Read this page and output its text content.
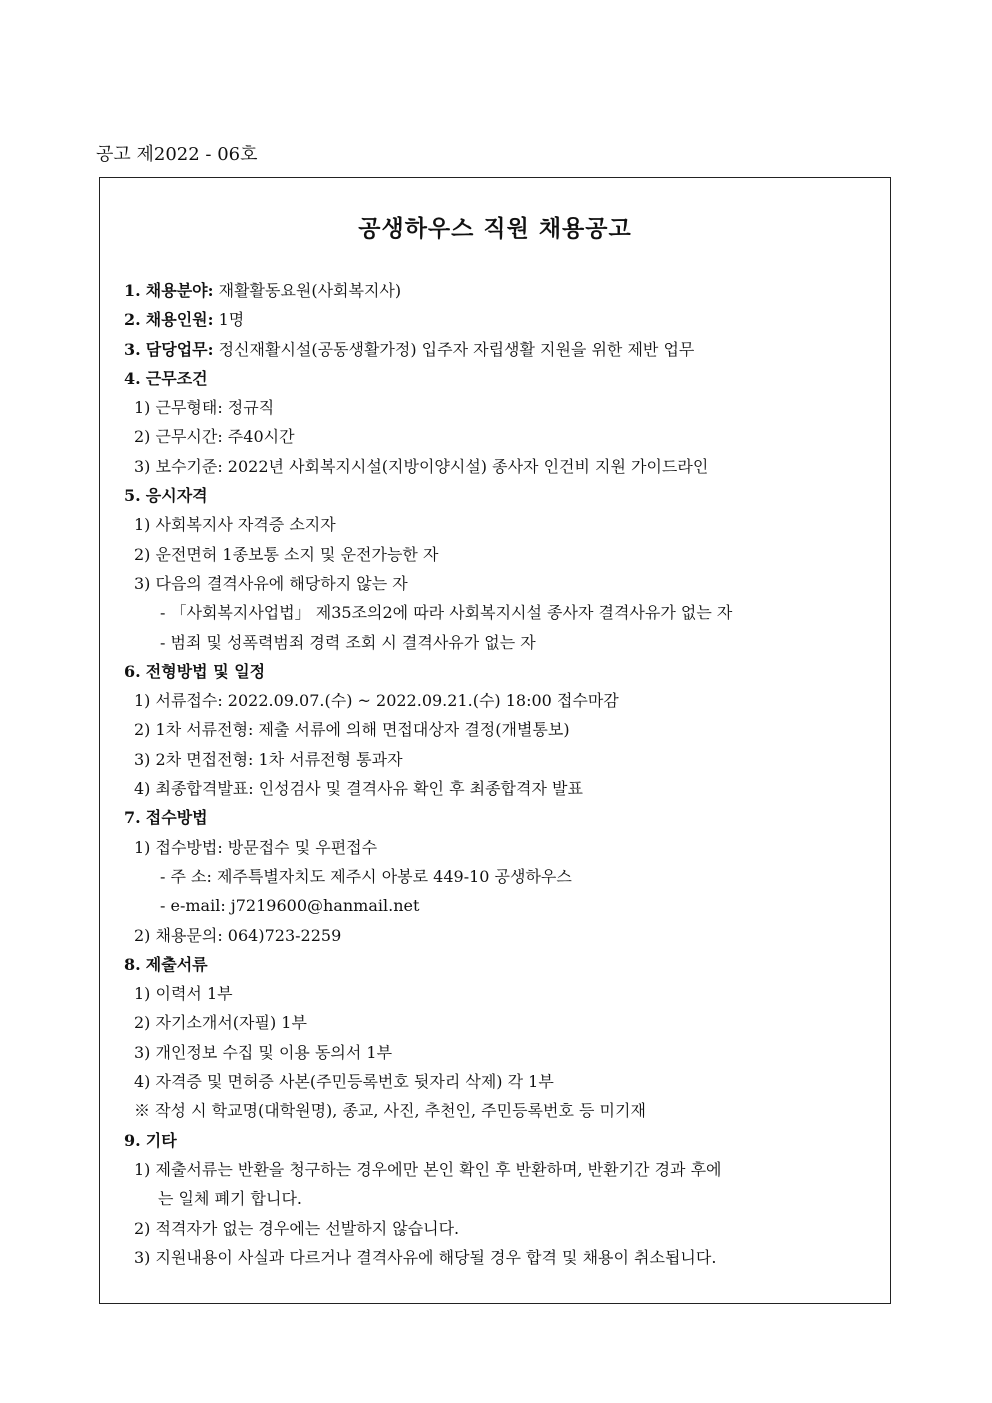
공고 제2022 - 06호
공생하우스 직원 채용공고
1. 채용분야: 재활활동요원(사회복지사)
2. 채용인원: 1명
3. 담당업무: 정신재활시설(공동생활가정) 입주자 자립생활 지원을 위한 제반 업무
4. 근무조건
1) 근무형태: 정규직
2) 근무시간: 주40시간
3) 보수기준: 2022년 사회복지시설(지방이양시설) 종사자 인건비 지원 가이드라인
5. 응시자격
1) 사회복지사 자격증 소지자
2) 운전면허 1종보통 소지 및 운전가능한 자
3) 다음의 결격사유에 해당하지 않는 자
- 「사회복지사업법」 제35조의2에 따라 사회복지시설 종사자 결격사유가 없는 자
- 범죄 및 성폭력범죄 경력 조회 시 결격사유가 없는 자
6. 전형방법 및 일정
1) 서류접수: 2022.09.07.(수) ~ 2022.09.21.(수) 18:00 접수마감
2) 1차 서류전형: 제출 서류에 의해 면접대상자 결정(개별통보)
3) 2차 면접전형: 1차 서류전형 통과자
4) 최종합격발표: 인성검사 및 결격사유 확인 후 최종합격자 발표
7. 접수방법
1) 접수방법: 방문접수 및 우편접수
- 주 소: 제주특별자치도 제주시 아봉로 449-10 공생하우스
- e-mail: j7219600@hanmail.net
2) 채용문의: 064)723-2259
8. 제출서류
1) 이력서 1부
2) 자기소개서(자필) 1부
3) 개인정보 수집 및 이용 동의서 1부
4) 자격증 및 면허증 사본(주민등록번호 뒷자리 삭제) 각 1부
※ 작성 시 학교명(대학원명), 종교, 사진, 추천인, 주민등록번호 등 미기재
9. 기타
1) 제출서류는 반환을 청구하는 경우에만 본인 확인 후 반환하며, 반환기간 경과 후에
는 일체 폐기 합니다.
2) 적격자가 없는 경우에는 선발하지 않습니다.
3) 지원내용이 사실과 다르거나 결격사유에 해당될 경우 합격 및 채용이 취소됩니다.
